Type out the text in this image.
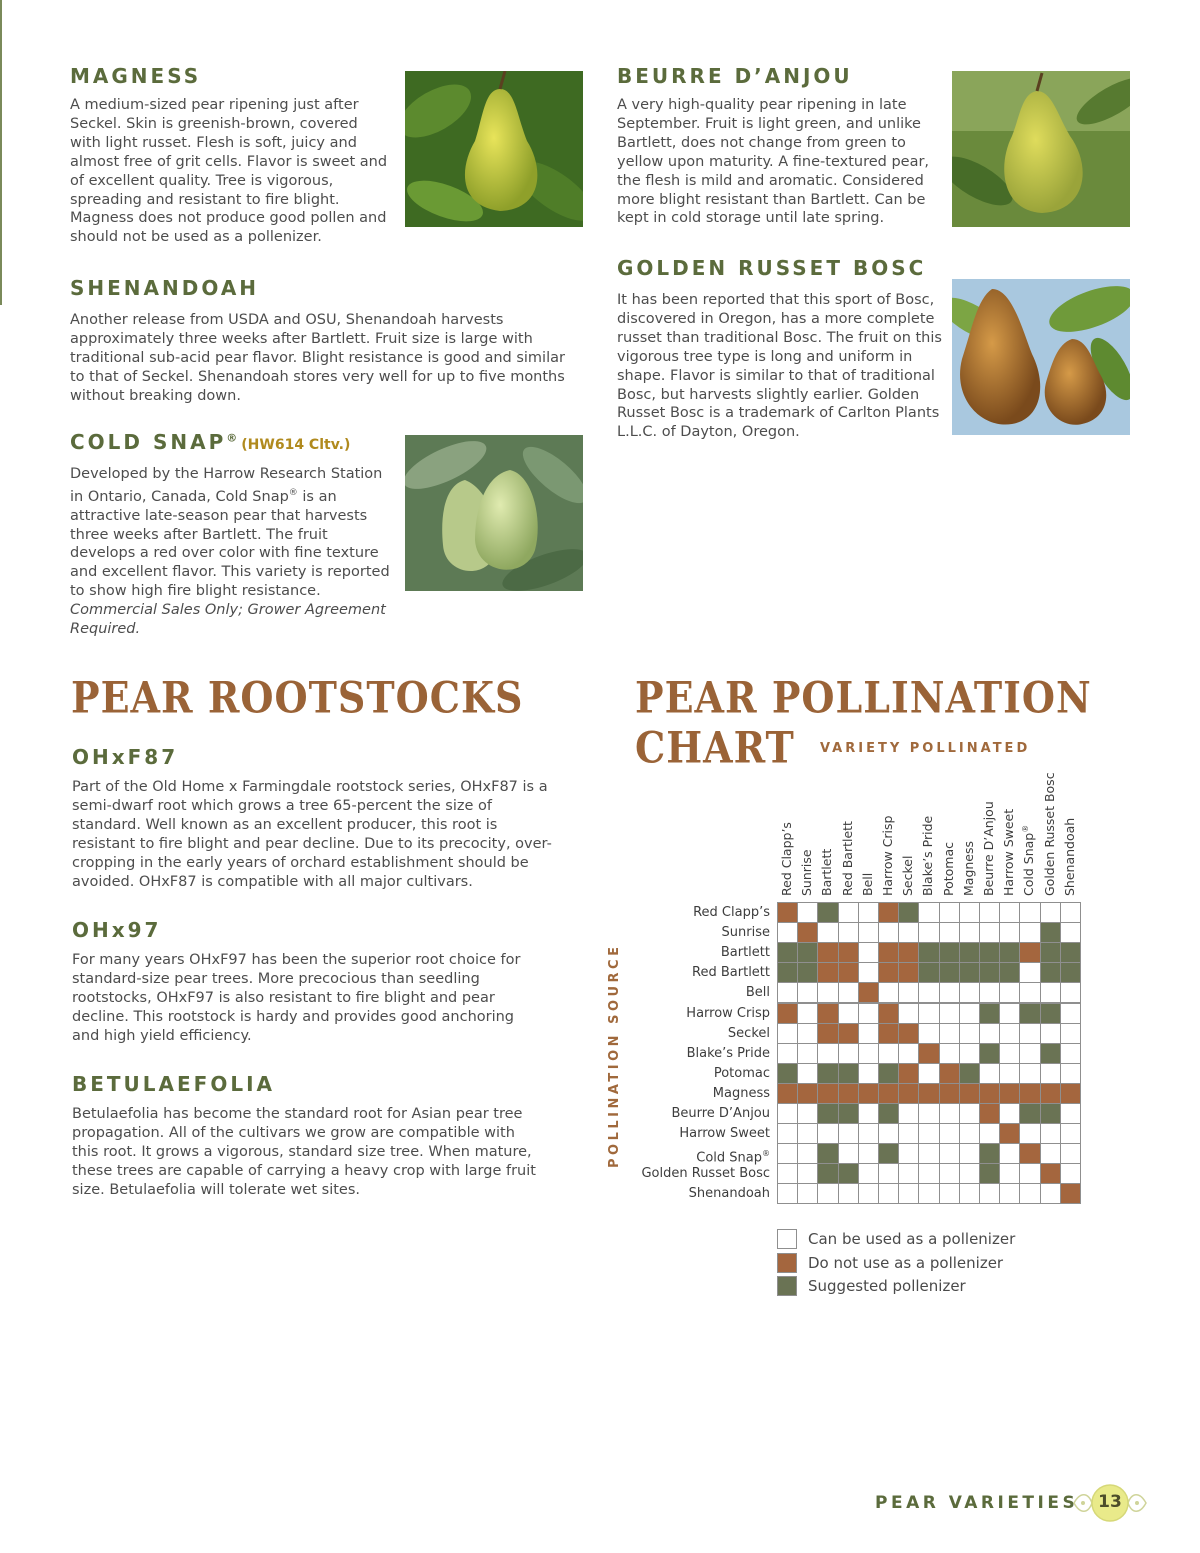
MAGNESS

A medium-sized pear ripening just after Seckel. Skin is greenish-brown, covered with light russet. Flesh is soft, juicy and almost free of grit cells. Flavor is sweet and of excellent quality. Tree is vigorous, spreading and resistant to fire blight. Magness does not produce good pollen and should not be used as a pollenizer.

SHENANDOAH

Another release from USDA and OSU, Shenandoah harvests approximately three weeks after Bartlett. Fruit size is large with traditional sub-acid pear flavor. Blight resistance is good and similar to that of Seckel. Shenandoah stores very well for up to five months without breaking down.

COLD SNAP® (HW614 Cltv.)

Developed by the Harrow Research Station in Ontario, Canada, Cold Snap® is an attractive late-season pear that harvests three weeks after Bartlett. The fruit develops a red over color with fine texture and excellent flavor. This variety is reported to show high fire blight resistance. Commercial Sales Only; Grower Agreement Required.

BEURRE D’ANJOU

A very high-quality pear ripening in late September. Fruit is light green, and unlike Bartlett, does not change from green to yellow upon maturity. A fine-textured pear, the flesh is mild and aromatic. Considered more blight resistant than Bartlett. Can be kept in cold storage until late spring.

GOLDEN RUSSET BOSC

It has been reported that this sport of Bosc, discovered in Oregon, has a more complete russet than traditional Bosc. The fruit on this vigorous tree type is long and uniform in shape. Flavor is similar to that of traditional Bosc, but harvests slightly earlier. Golden Russet Bosc is a trademark of Carlton Plants L.L.C. of Dayton, Oregon.

PEAR ROOTSTOCKS
OHxF87

Part of the Old Home x Farmingdale rootstock series, OHxF87 is a semi-dwarf root which grows a tree 65-percent the size of standard. Well known as an excellent producer, this root is resistant to fire blight and pear decline. Due to its precocity, over-cropping in the early years of orchard establishment should be avoided. OHxF87 is compatible with all major cultivars.

OHx97

For many years OHxF97 has been the superior root choice for standard-size pear trees. More precocious than seedling rootstocks, OHxF97 is also resistant to fire blight and pear decline. This rootstock is hardy and provides good anchoring and high yield efficiency.

BETULAEFOLIA

Betulaefolia has become the standard root for Asian pear tree propagation. All of the cultivars we grow are compatible with this root. It grows a vigorous, standard size tree. When mature, these trees are capable of carrying a heavy crop with large fruit size. Betulaefolia will tolerate wet sites.

PEAR POLLINATION CHART	VARIETY POLLINATED
POLLINATION SOURCE
Red Clapp’s Sunrise Bartlett Red Bartlett Bell Harrow Crisp Seckel Blake’s Pride Potomac Magness Beurre D’Anjou Harrow Sweet Cold Snap® Golden Russet Bosc Shenandoah
Red Clapp’s
Sunrise
Bartlett
Red Bartlett
Bell
Harrow Crisp
Seckel
Blake’s Pride
Potomac
Magness
Beurre D’Anjou
Harrow Sweet
Cold Snap®
Golden Russet Bosc
Shenandoah
Can be used as a pollenizer
Do not use as a pollenizer
Suggested pollenizer
PEAR VARIETIES	13
